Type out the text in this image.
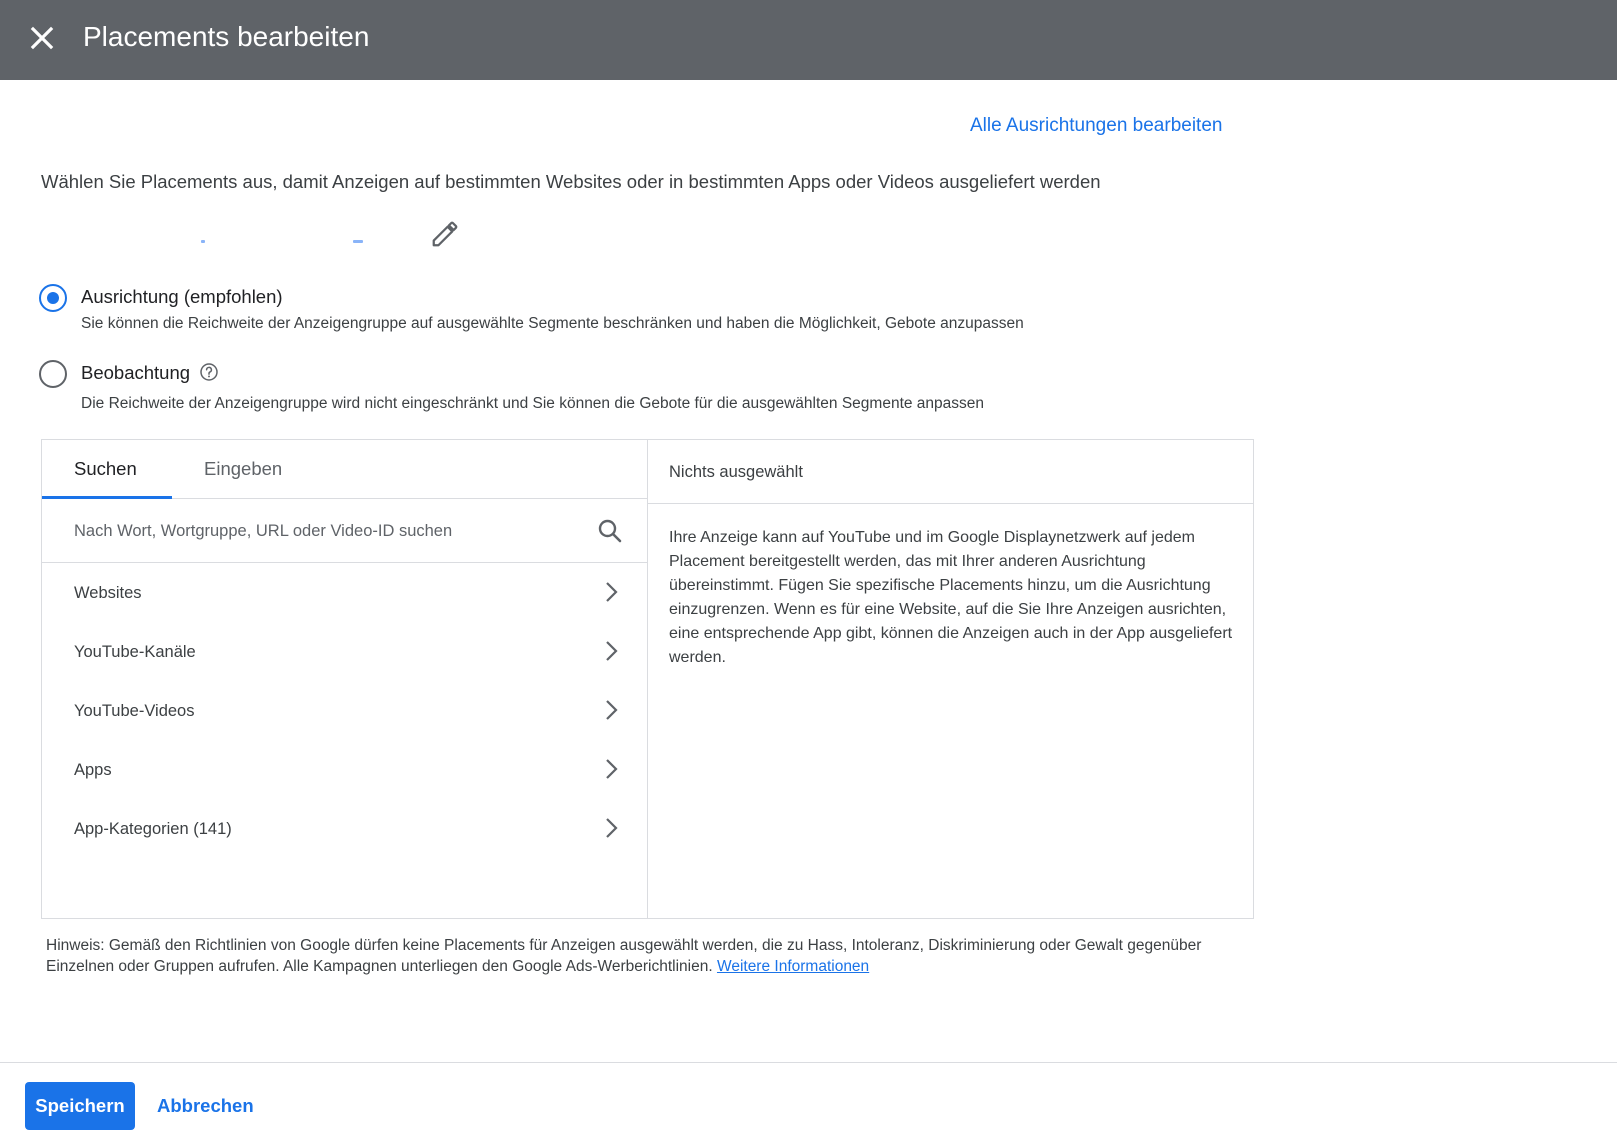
Placements bearbeiten
Alle Ausrichtungen bearbeiten
Wählen Sie Placements aus, damit Anzeigen auf bestimmten Websites oder in bestimmten Apps oder Videos ausgeliefert werden
Ausrichtung (empfohlen)
Sie können die Reichweite der Anzeigengruppe auf ausgewählte Segmente beschränken und haben die Möglichkeit, Gebote anzupassen
Beobachtung
Die Reichweite der Anzeigengruppe wird nicht eingeschränkt und Sie können die Gebote für die ausgewählten Segmente anpassen
Suchen	Eingeben
Nach Wort, Wortgruppe, URL oder Video-ID suchen
Websites
YouTube-Kanäle
YouTube-Videos
Apps
App-Kategorien (141)
Nichts ausgewählt
Ihre Anzeige kann auf YouTube und im Google Displaynetzwerk auf jedem Placement bereitgestellt werden, das mit Ihrer anderen Ausrichtung übereinstimmt. Fügen Sie spezifische Placements hinzu, um die Ausrichtung einzugrenzen. Wenn es für eine Website, auf die Sie Ihre Anzeigen ausrichten, eine entsprechende App gibt, können die Anzeigen auch in der App ausgeliefert werden.
Hinweis: Gemäß den Richtlinien von Google dürfen keine Placements für Anzeigen ausgewählt werden, die zu Hass, Intoleranz, Diskriminierung oder Gewalt gegenüber Einzelnen oder Gruppen aufrufen. Alle Kampagnen unterliegen den Google Ads-Werberichtlinien. Weitere Informationen
Speichern	Abbrechen
